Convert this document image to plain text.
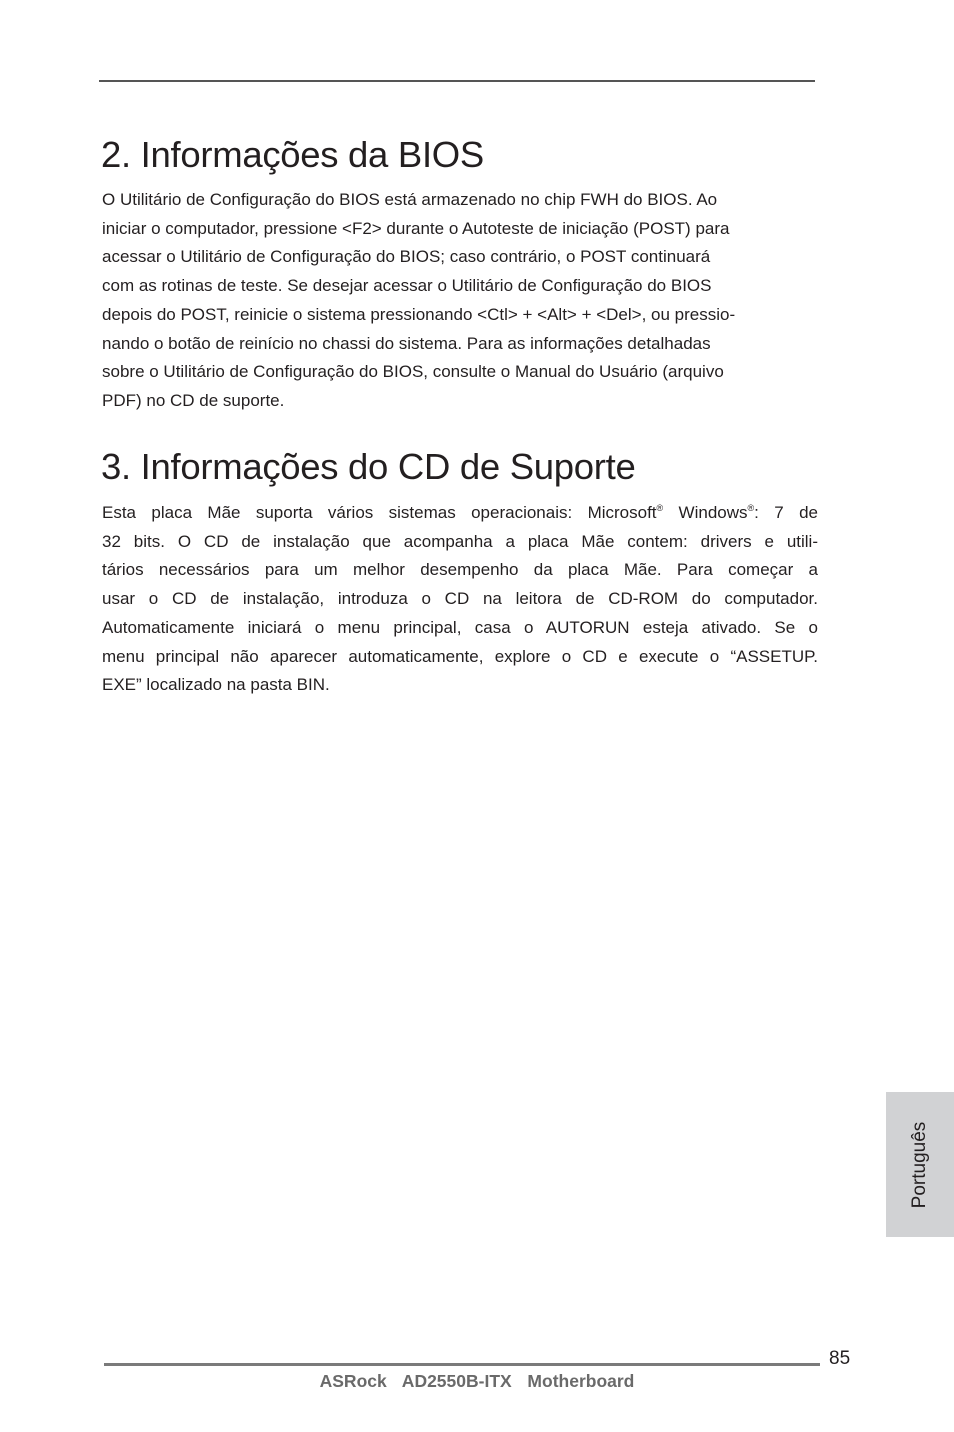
2. Informações da BIOS
O Utilitário de Configuração do BIOS está armazenado no chip FWH do BIOS. Ao
iniciar o computador, pressione <F2> durante o Autoteste de iniciação (POST) para
acessar o Utilitário de Configuração do BIOS; caso contrário, o POST continuará
com as rotinas de teste. Se desejar acessar o Utilitário de Configuração do BIOS
depois do POST, reinicie o sistema pressionando <Ctl> + <Alt> + <Del>, ou pressio-
nando o botão de reinício no chassi do sistema. Para as informações detalhadas
sobre o Utilitário de Configuração do BIOS, consulte o Manual do Usuário (arquivo
PDF) no CD de suporte.
3. Informações do CD de Suporte
Esta placa Mãe suporta vários sistemas operacionais: Microsoft® Windows®: 7 de
32 bits. O CD de instalação que acompanha a placa Mãe contem: drivers e utili-
tários necessários para um melhor desempenho da placa Mãe. Para começar a
usar o CD de instalação, introduza o CD na leitora de CD-ROM do computador.
Automaticamente iniciará o menu principal, casa o AUTORUN esteja ativado. Se o
menu principal não aparecer automaticamente, explore o CD e execute o “ASSETUP.
EXE” localizado na pasta BIN.
Português
85
ASRock  AD2550B-ITX  Motherboard
